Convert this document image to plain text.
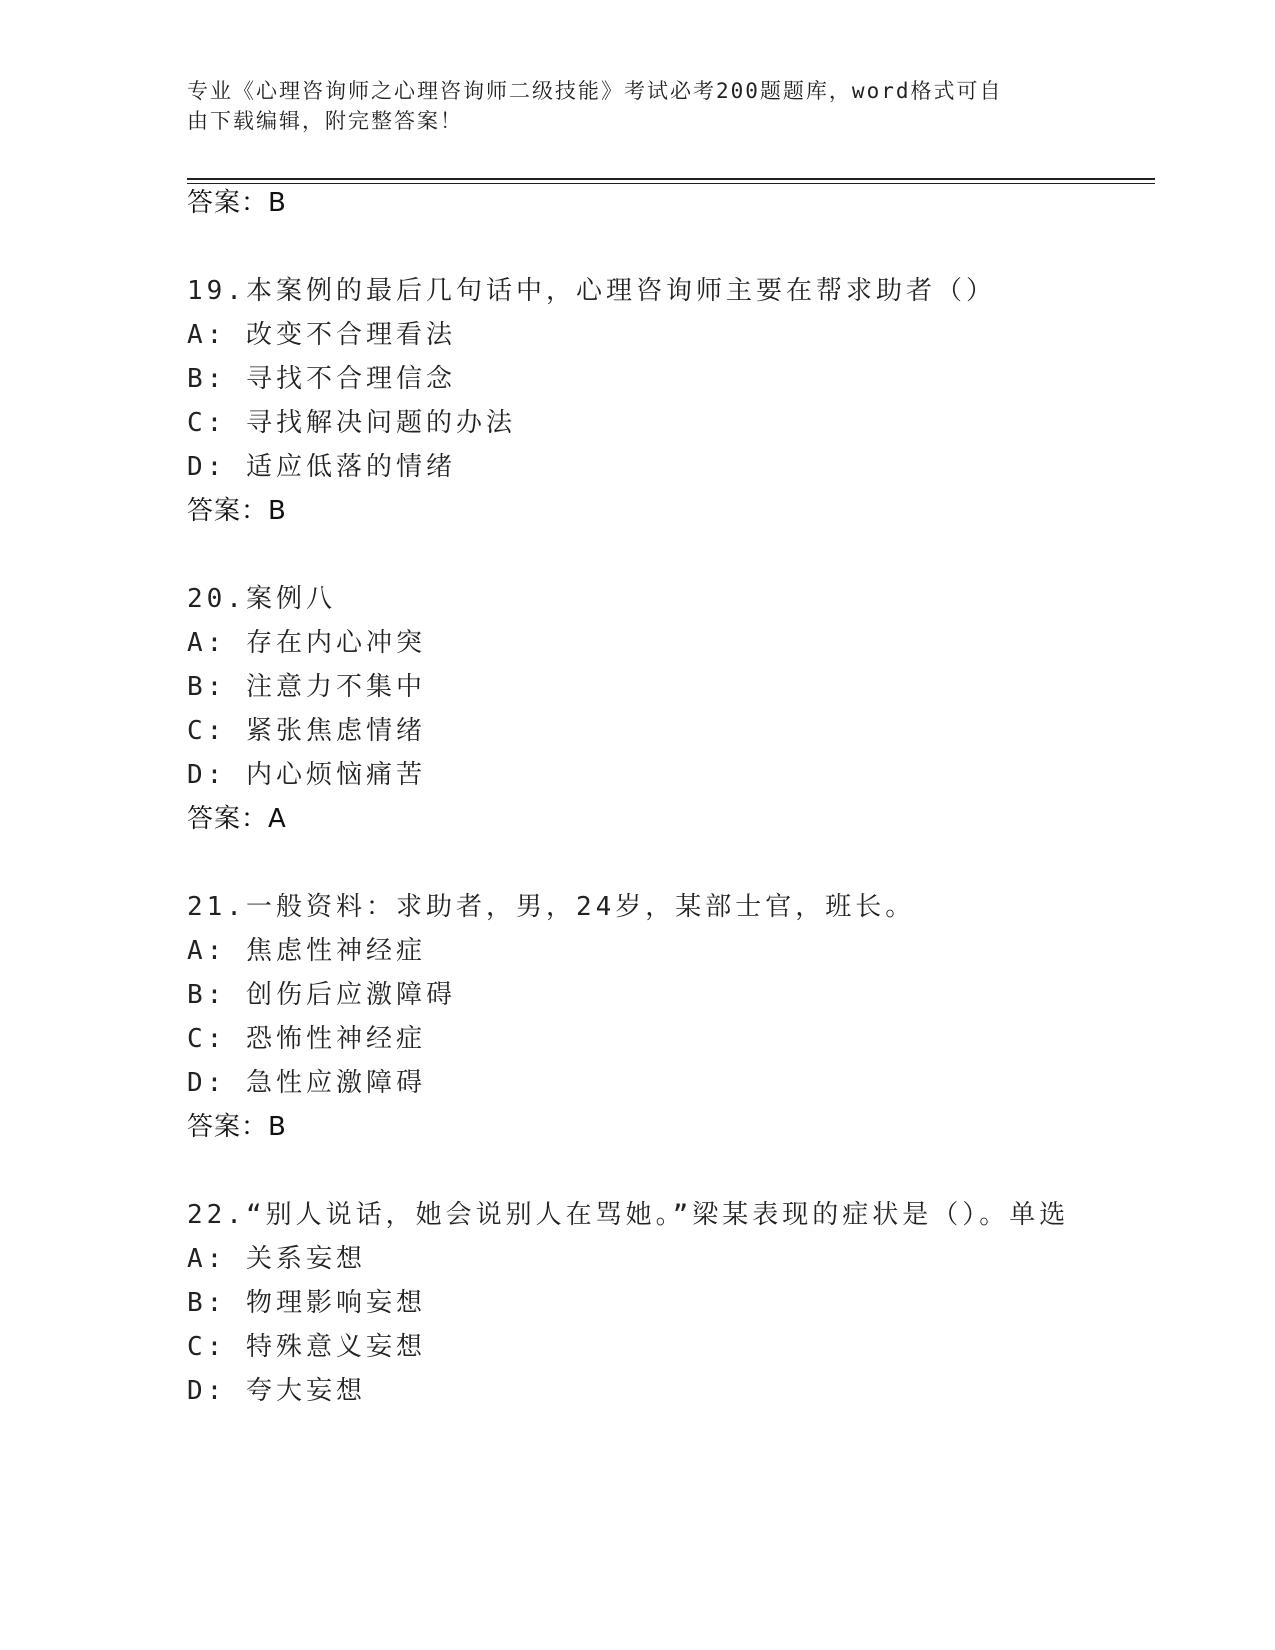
专业《心理咨询师之心理咨询师二级技能》考试必考200题题库，word格式可自
由下载编辑，附完整答案！
答案：B
19.本案例的最后几句话中，心理咨询师主要在帮求助者（）
A: 改变不合理看法
B: 寻找不合理信念
C: 寻找解决问题的办法
D: 适应低落的情绪
答案：B
20.案例八
A: 存在内心冲突
B: 注意力不集中
C: 紧张焦虑情绪
D: 内心烦恼痛苦
答案：A
21.一般资料：求助者，男，24岁，某部士官，班长。
A: 焦虑性神经症
B: 创伤后应激障碍
C: 恐怖性神经症
D: 急性应激障碍
答案：B
22.“别人说话，她会说别人在骂她。”梁某表现的症状是（）。单选
A: 关系妄想
B: 物理影响妄想
C: 特殊意义妄想
D: 夸大妄想
